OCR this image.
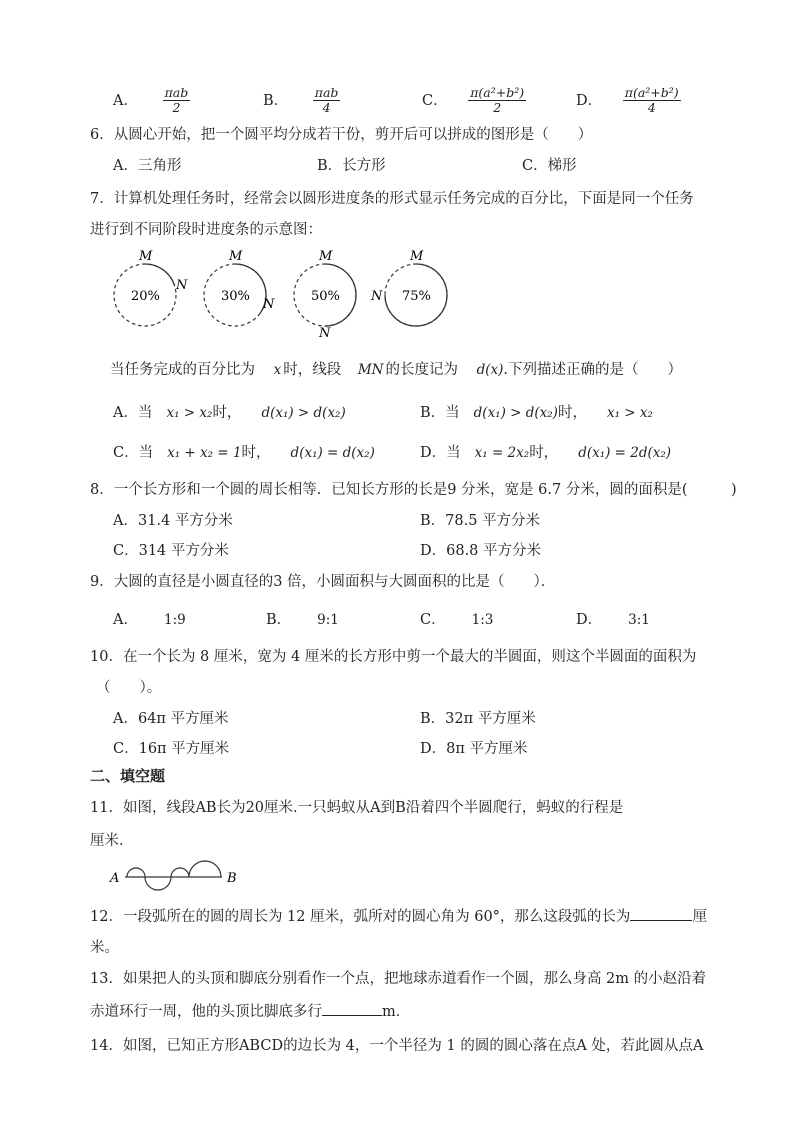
A． $\frac{\text{πab}}{2}$	B． $\frac{\text{πab}}{4}$	C． $\frac{\text{π(a²+b²)}}{2}$	D． $\frac{\text{π(a²+b²)}}{4}$
6．从圆心开始，把一个圆平均分成若干份，剪开后可以拼成的图形是（　　）
A．三角形	B．长方形	C．梯形
7．计算机处理任务时，经常会以圆形进度条的形式显示任务完成的百分比，下面是同一个任务
进行到不同阶段时进度条的示意图：
M
N
20%
M
N
30%
M
N
50%
M
N 75%
当任务完成的百分比为 x 时，线段 MN 的长度记为 d(x).下列描述正确的是（　　）
A．当 x₁ > x₂时， d(x₁) > d(x₂)	B．当 d(x₁) > d(x₂)时， x₁ > x₂
C．当 x₁ + x₂ = 1时， d(x₁) = d(x₂)	D．当 x₁ = 2x₂时， d(x₁) = 2d(x₂)
8．一个长方形和一个圆的周长相等．已知长方形的长是9 分米，宽是 6.7 分米，圆的面积是(　　　)
A．31.4 平方分米	B．78.5 平方分米
C．314 平方分米	D．68.8 平方分米
9．大圆的直径是小圆直径的3 倍，小圆面积与大圆面积的比是（　　）．
A． 1:9	B． 9:1	C． 1:3	D． 3:1
10．在一个长为 8 厘米，宽为 4 厘米的长方形中剪一个最大的半圆面，则这个半圆面的面积为
（　　）。
A．64π 平方厘米	B．32π 平方厘米
C．16π 平方厘米	D．8π 平方厘米
二、填空题
11．如图，线段AB长为20厘米.一只蚂蚁从A到B沿着四个半圆爬行，蚂蚁的行程是
厘米．
A	B
12．一段弧所在的圆的周长为 12 厘米，弧所对的圆心角为 60°，那么这段弧的长为	厘
米。
13．如果把人的头顶和脚底分别看作一个点，把地球赤道看作一个圆，那么身高 2m 的小赵沿着
赤道环行一周，他的头顶比脚底多行	m．
14．如图，已知正方形ABCD的边长为 4，一个半径为 1 的圆的圆心落在点A 处，若此圆从点A
